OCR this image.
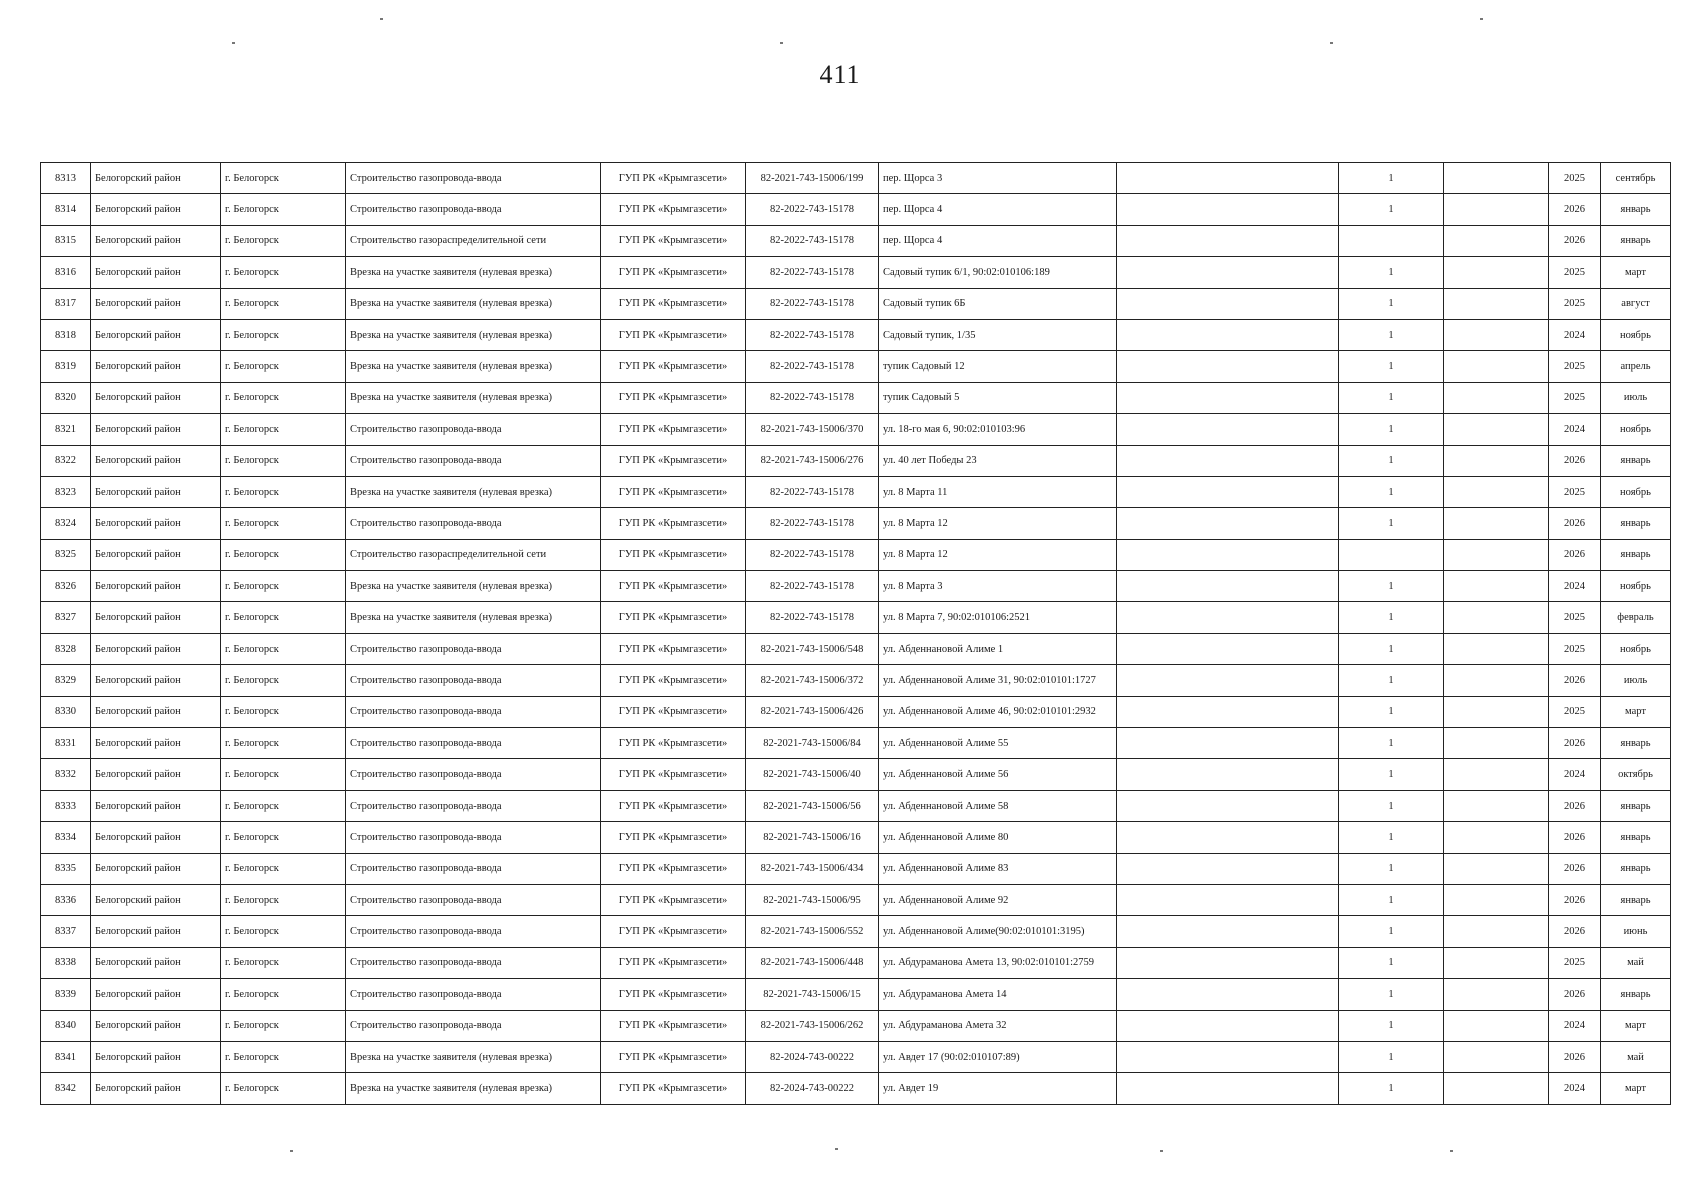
411
8313	Белогорский район	г. Белогорск	Строительство газопровода-ввода	ГУП РК «Крымгазсети»	82-2021-743-15006/199	пер. Щорса 3		1		2025	сентябрь
8314	Белогорский район	г. Белогорск	Строительство газопровода-ввода	ГУП РК «Крымгазсети»	82-2022-743-15178	пер. Щорса 4		1		2026	январь
8315	Белогорский район	г. Белогорск	Строительство газораспределительной сети	ГУП РК «Крымгазсети»	82-2022-743-15178	пер. Щорса 4				2026	январь
8316	Белогорский район	г. Белогорск	Врезка на участке заявителя (нулевая врезка)	ГУП РК «Крымгазсети»	82-2022-743-15178	Садовый тупик 6/1, 90:02:010106:189		1		2025	март
8317	Белогорский район	г. Белогорск	Врезка на участке заявителя (нулевая врезка)	ГУП РК «Крымгазсети»	82-2022-743-15178	Садовый тупик 6Б		1		2025	август
8318	Белогорский район	г. Белогорск	Врезка на участке заявителя (нулевая врезка)	ГУП РК «Крымгазсети»	82-2022-743-15178	Садовый тупик, 1/35		1		2024	ноябрь
8319	Белогорский район	г. Белогорск	Врезка на участке заявителя (нулевая врезка)	ГУП РК «Крымгазсети»	82-2022-743-15178	тупик Садовый 12		1		2025	апрель
8320	Белогорский район	г. Белогорск	Врезка на участке заявителя (нулевая врезка)	ГУП РК «Крымгазсети»	82-2022-743-15178	тупик Садовый 5		1		2025	июль
8321	Белогорский район	г. Белогорск	Строительство газопровода-ввода	ГУП РК «Крымгазсети»	82-2021-743-15006/370	ул. 18-го мая 6, 90:02:010103:96		1		2024	ноябрь
8322	Белогорский район	г. Белогорск	Строительство газопровода-ввода	ГУП РК «Крымгазсети»	82-2021-743-15006/276	ул. 40 лет Победы 23		1		2026	январь
8323	Белогорский район	г. Белогорск	Врезка на участке заявителя (нулевая врезка)	ГУП РК «Крымгазсети»	82-2022-743-15178	ул. 8 Марта 11		1		2025	ноябрь
8324	Белогорский район	г. Белогорск	Строительство газопровода-ввода	ГУП РК «Крымгазсети»	82-2022-743-15178	ул. 8 Марта 12		1		2026	январь
8325	Белогорский район	г. Белогорск	Строительство газораспределительной сети	ГУП РК «Крымгазсети»	82-2022-743-15178	ул. 8 Марта 12				2026	январь
8326	Белогорский район	г. Белогорск	Врезка на участке заявителя (нулевая врезка)	ГУП РК «Крымгазсети»	82-2022-743-15178	ул. 8 Марта 3		1		2024	ноябрь
8327	Белогорский район	г. Белогорск	Врезка на участке заявителя (нулевая врезка)	ГУП РК «Крымгазсети»	82-2022-743-15178	ул. 8 Марта 7, 90:02:010106:2521		1		2025	февраль
8328	Белогорский район	г. Белогорск	Строительство газопровода-ввода	ГУП РК «Крымгазсети»	82-2021-743-15006/548	ул. Абденнановой Алиме 1		1		2025	ноябрь
8329	Белогорский район	г. Белогорск	Строительство газопровода-ввода	ГУП РК «Крымгазсети»	82-2021-743-15006/372	ул. Абденнановой Алиме 31, 90:02:010101:1727		1		2026	июль
8330	Белогорский район	г. Белогорск	Строительство газопровода-ввода	ГУП РК «Крымгазсети»	82-2021-743-15006/426	ул. Абденнановой Алиме 46, 90:02:010101:2932		1		2025	март
8331	Белогорский район	г. Белогорск	Строительство газопровода-ввода	ГУП РК «Крымгазсети»	82-2021-743-15006/84	ул. Абденнановой Алиме 55		1		2026	январь
8332	Белогорский район	г. Белогорск	Строительство газопровода-ввода	ГУП РК «Крымгазсети»	82-2021-743-15006/40	ул. Абденнановой Алиме 56		1		2024	октябрь
8333	Белогорский район	г. Белогорск	Строительство газопровода-ввода	ГУП РК «Крымгазсети»	82-2021-743-15006/56	ул. Абденнановой Алиме 58		1		2026	январь
8334	Белогорский район	г. Белогорск	Строительство газопровода-ввода	ГУП РК «Крымгазсети»	82-2021-743-15006/16	ул. Абденнановой Алиме 80		1		2026	январь
8335	Белогорский район	г. Белогорск	Строительство газопровода-ввода	ГУП РК «Крымгазсети»	82-2021-743-15006/434	ул. Абденнановой Алиме 83		1		2026	январь
8336	Белогорский район	г. Белогорск	Строительство газопровода-ввода	ГУП РК «Крымгазсети»	82-2021-743-15006/95	ул. Абденнановой Алиме 92		1		2026	январь
8337	Белогорский район	г. Белогорск	Строительство газопровода-ввода	ГУП РК «Крымгазсети»	82-2021-743-15006/552	ул. Абденнановой Алиме(90:02:010101:3195)		1		2026	июнь
8338	Белогорский район	г. Белогорск	Строительство газопровода-ввода	ГУП РК «Крымгазсети»	82-2021-743-15006/448	ул. Абдураманова Амета 13, 90:02:010101:2759		1		2025	май
8339	Белогорский район	г. Белогорск	Строительство газопровода-ввода	ГУП РК «Крымгазсети»	82-2021-743-15006/15	ул. Абдураманова Амета 14		1		2026	январь
8340	Белогорский район	г. Белогорск	Строительство газопровода-ввода	ГУП РК «Крымгазсети»	82-2021-743-15006/262	ул. Абдураманова Амета 32		1		2024	март
8341	Белогорский район	г. Белогорск	Врезка на участке заявителя (нулевая врезка)	ГУП РК «Крымгазсети»	82-2024-743-00222	ул. Авдет 17 (90:02:010107:89)		1		2026	май
8342	Белогорский район	г. Белогорск	Врезка на участке заявителя (нулевая врезка)	ГУП РК «Крымгазсети»	82-2024-743-00222	ул. Авдет 19		1		2024	март
